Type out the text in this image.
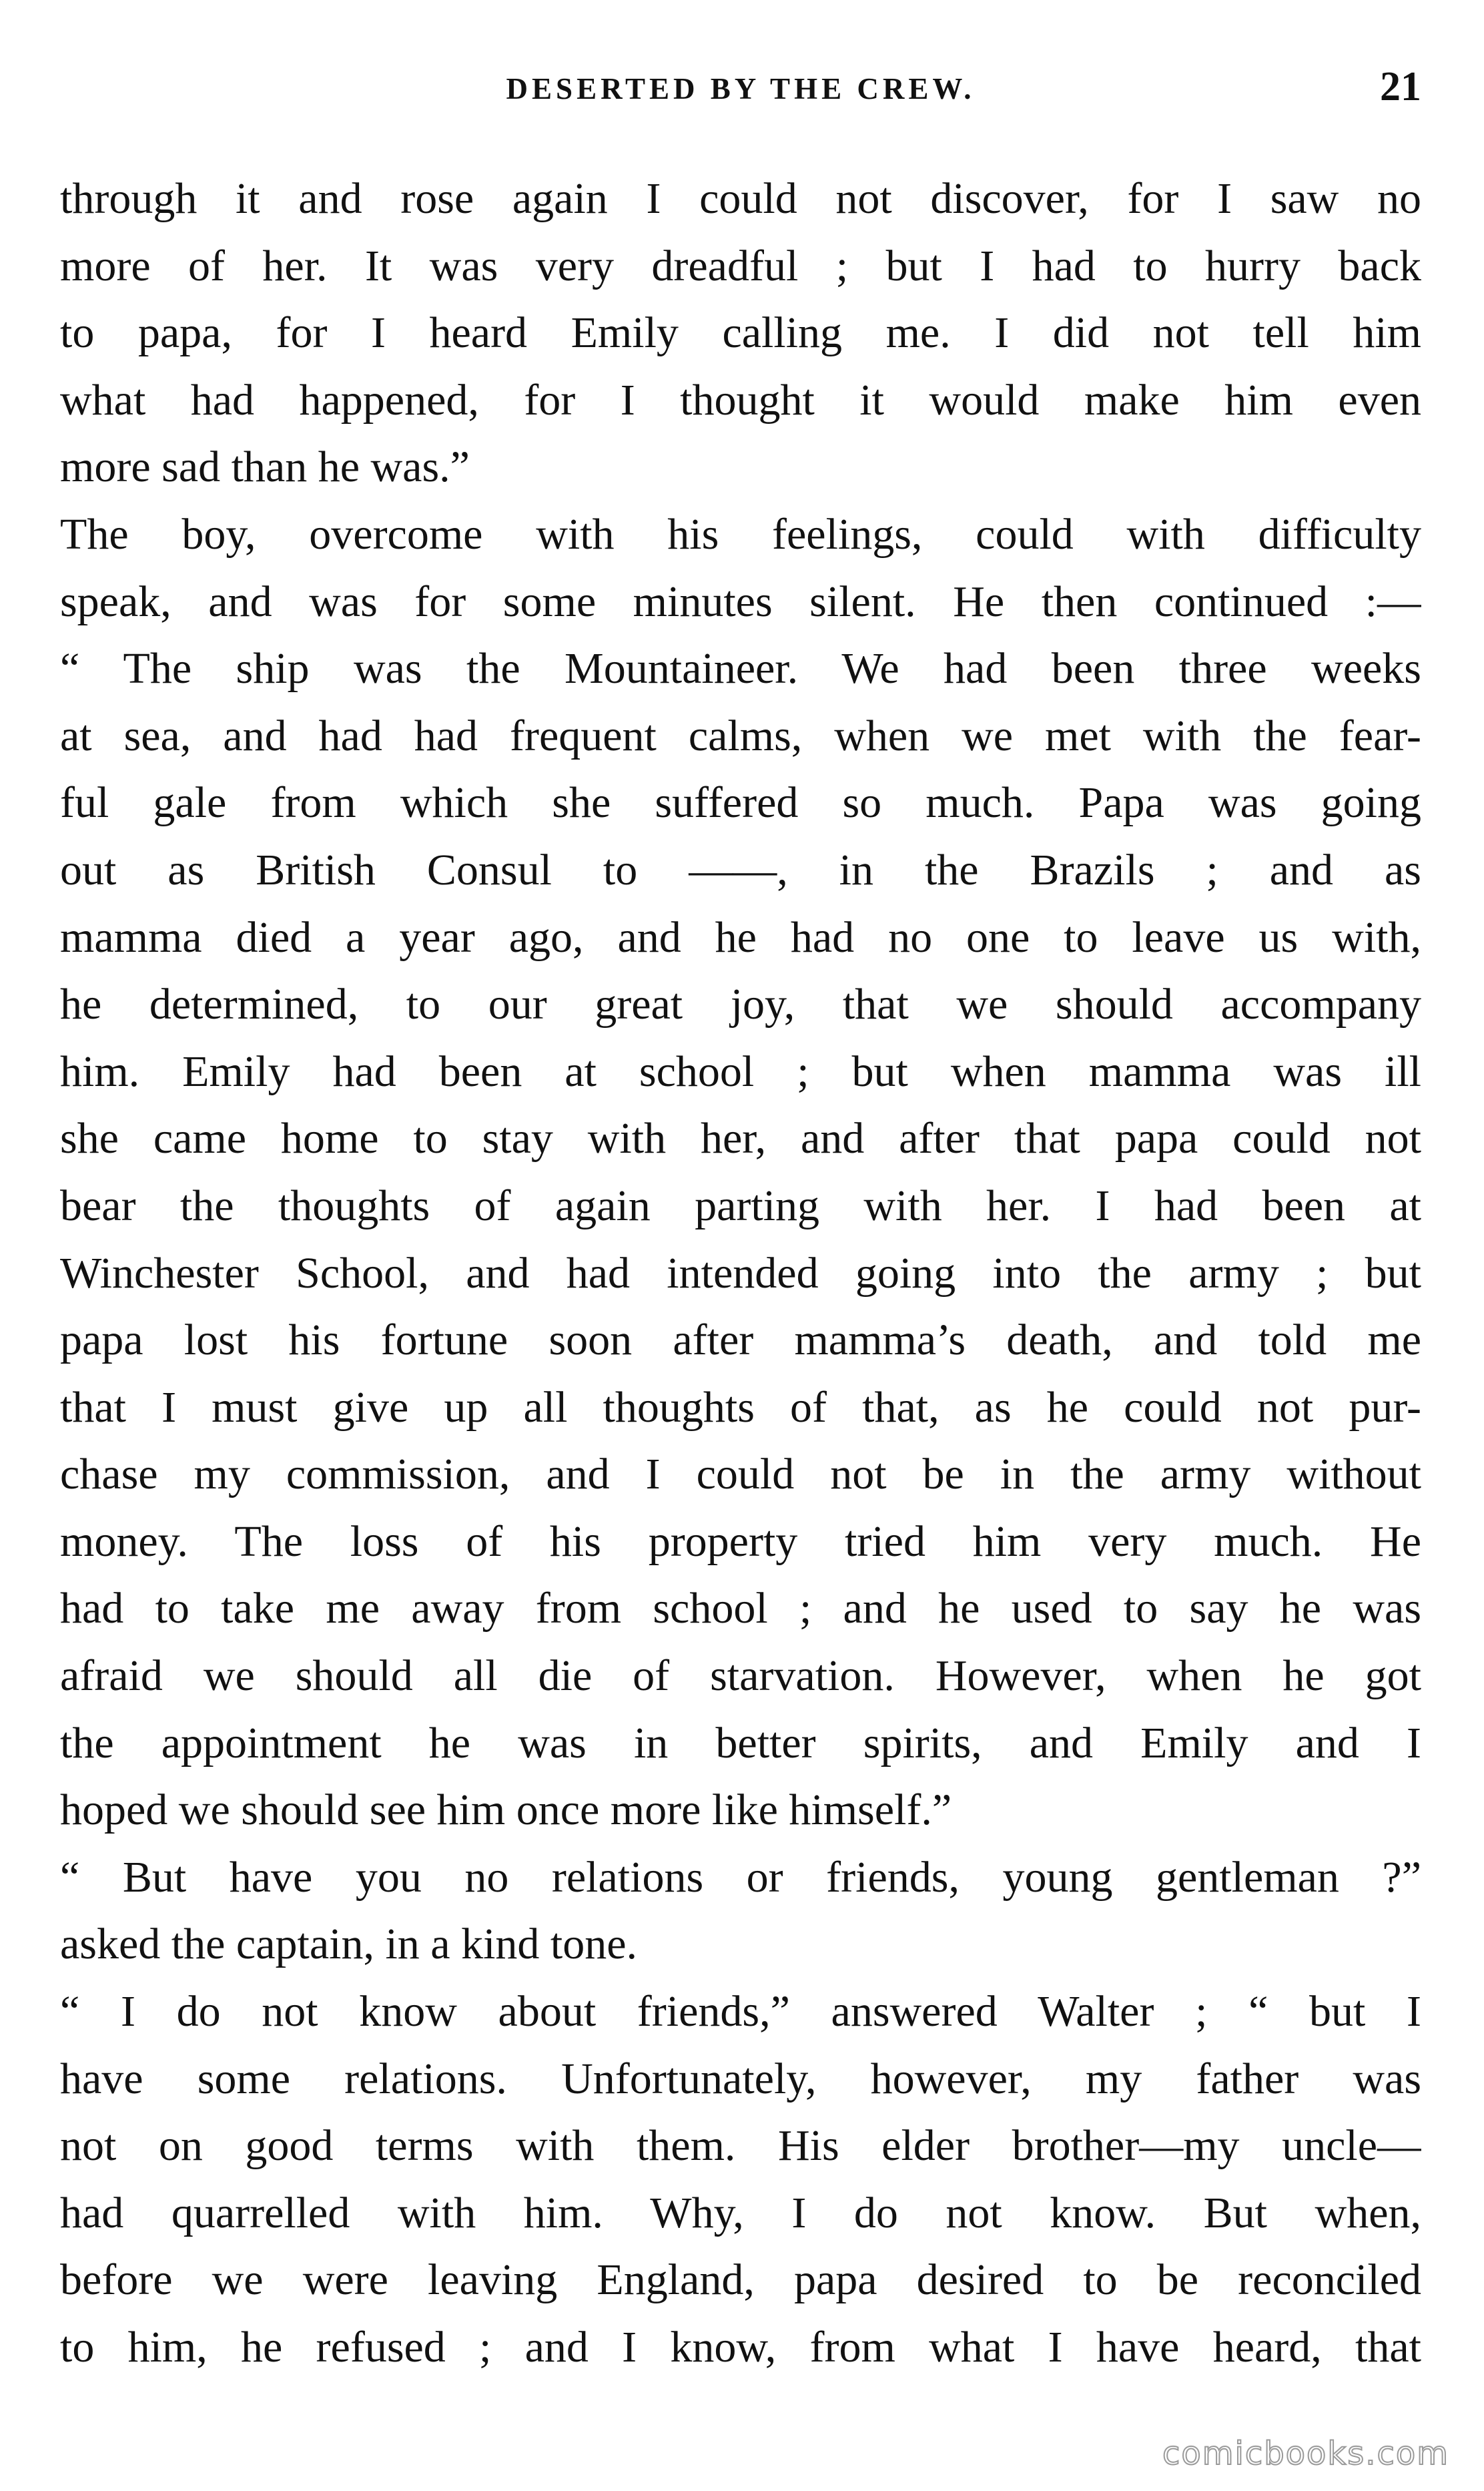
DESERTED BY THE CREW.	21
through it and rose again I could not discover, for I saw no
more of her. It was very dreadful ; but I had to hurry back
to papa, for I heard Emily calling me. I did not tell him
what had happened, for I thought it would make him even
more sad than he was.”
The boy, overcome with his feelings, could with difficulty
speak, and was for some minutes silent. He then continued :—
“ The ship was the Mountaineer. We had been three weeks
at sea, and had had frequent calms, when we met with the fear-
ful gale from which she suffered so much. Papa was going
out as British Consul to ——, in the Brazils ; and as
mamma died a year ago, and he had no one to leave us with,
he determined, to our great joy, that we should accompany
him. Emily had been at school ; but when mamma was ill
she came home to stay with her, and after that papa could not
bear the thoughts of again parting with her. I had been at
Winchester School, and had intended going into the army ; but
papa lost his fortune soon after mamma’s death, and told me
that I must give up all thoughts of that, as he could not pur-
chase my commission, and I could not be in the army without
money. The loss of his property tried him very much. He
had to take me away from school ; and he used to say he was
afraid we should all die of starvation. However, when he got
the appointment he was in better spirits, and Emily and I
hoped we should see him once more like himself.”
“ But have you no relations or friends, young gentleman ?”
asked the captain, in a kind tone.
“ I do not know about friends,” answered Walter ; “ but I
have some relations. Unfortunately, however, my father was
not on good terms with them. His elder brother—my uncle—
had quarrelled with him. Why, I do not know. But when,
before we were leaving England, papa desired to be reconciled
to him, he refused ; and I know, from what I have heard, that
comicbooks.com
